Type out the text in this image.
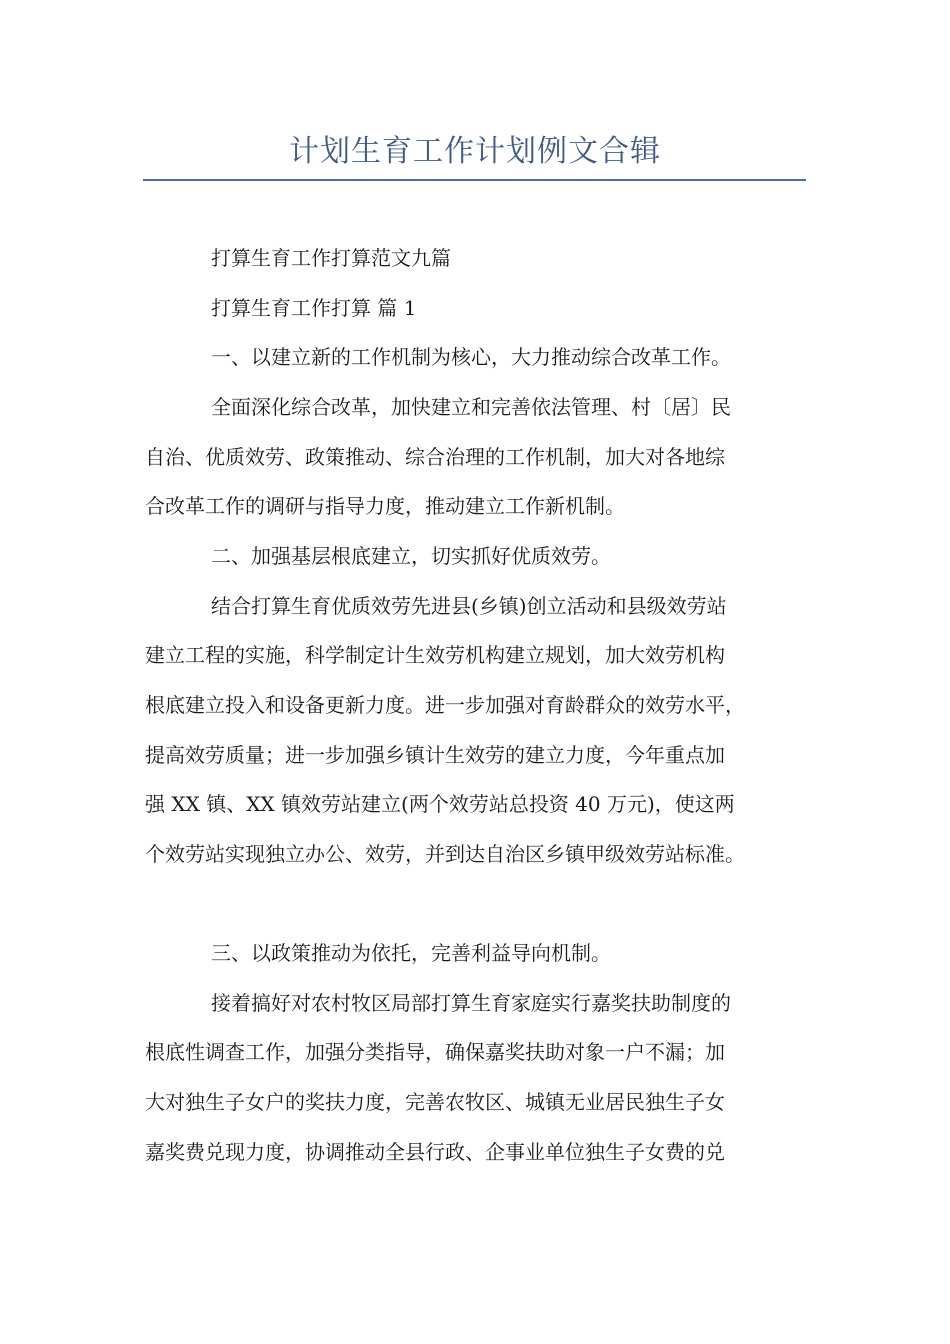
计划生育工作计划例文合辑
打算生育工作打算范文九篇
打算生育工作打算 篇 1
一、以建立新的工作机制为核心，大力推动综合改革工作。
全面深化综合改革，加快建立和完善依法管理、村〔居〕民
自治、优质效劳、政策推动、综合治理的工作机制，加大对各地综
合改革工作的调研与指导力度，推动建立工作新机制。
二、加强基层根底建立，切实抓好优质效劳。
结合打算生育优质效劳先进县(乡镇)创立活动和县级效劳站
建立工程的实施，科学制定计生效劳机构建立规划，加大效劳机构
根底建立投入和设备更新力度。进一步加强对育龄群众的效劳水平，
提高效劳质量；进一步加强乡镇计生效劳的建立力度，今年重点加
强 XX 镇、XX 镇效劳站建立(两个效劳站总投资 40 万元)，使这两
个效劳站实现独立办公、效劳，并到达自治区乡镇甲级效劳站标准。
三、以政策推动为依托，完善利益导向机制。
接着搞好对农村牧区局部打算生育家庭实行嘉奖扶助制度的
根底性调查工作，加强分类指导，确保嘉奖扶助对象一户不漏；加
大对独生子女户的奖扶力度，完善农牧区、城镇无业居民独生子女
嘉奖费兑现力度，协调推动全县行政、企事业单位独生子女费的兑
